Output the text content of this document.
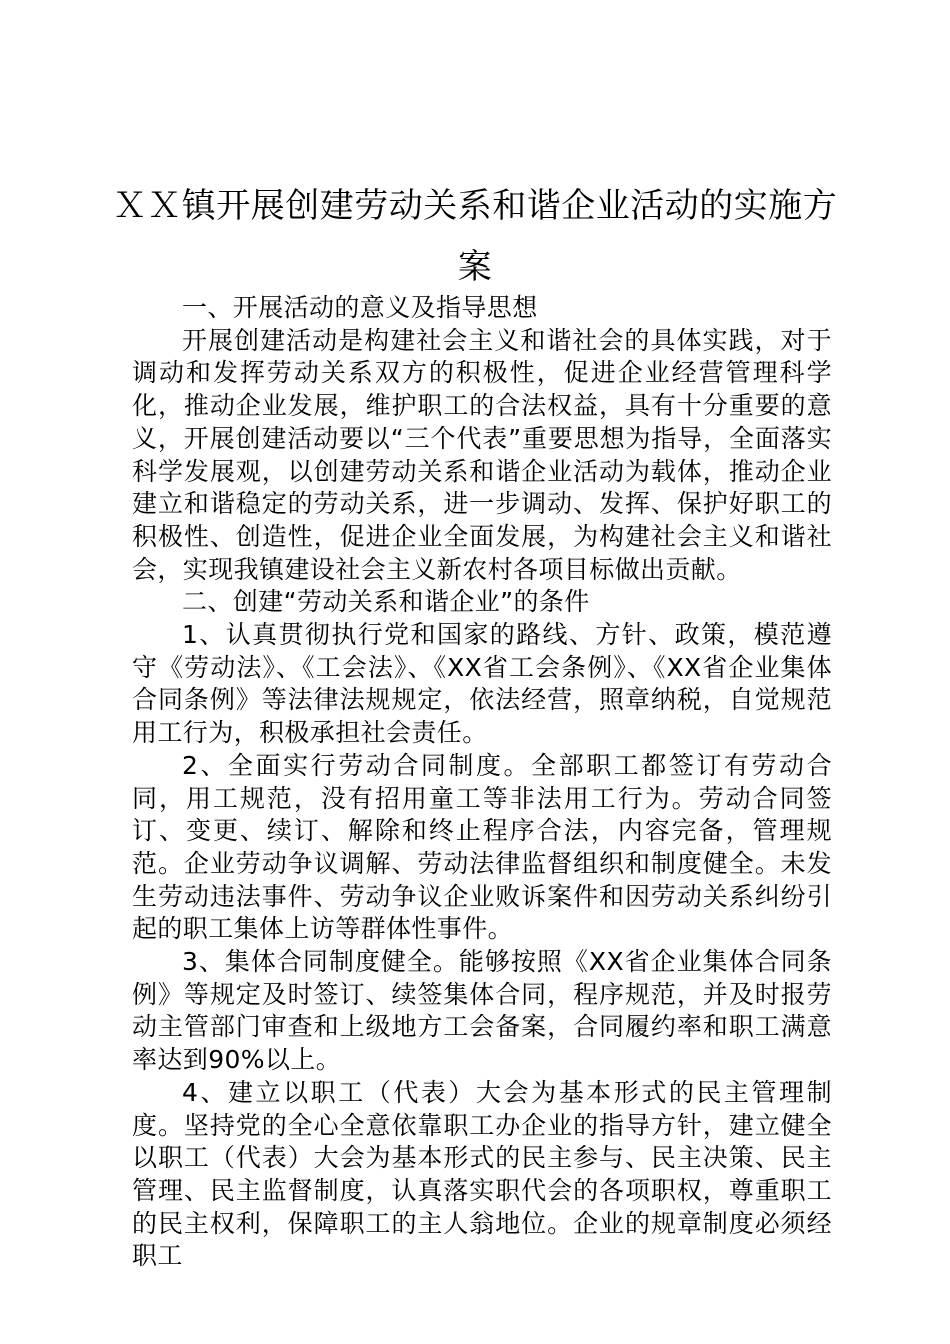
ＸＸ镇开展创建劳动关系和谐企业活动的实施方案

一、开展活动的意义及指导思想

开展创建活动是构建社会主义和谐社会的具体实践，对于调动和发挥劳动关系双方的积极性，促进企业经营管理科学化，推动企业发展，维护职工的合法权益，具有十分重要的意义，开展创建活动要以“三个代表”重要思想为指导，全面落实科学发展观，以创建劳动关系和谐企业活动为载体，推动企业建立和谐稳定的劳动关系，进一步调动、发挥、保护好职工的积极性、创造性，促进企业全面发展，为构建社会主义和谐社会，实现我镇建设社会主义新农村各项目标做出贡献。

二、创建“劳动关系和谐企业”的条件

1、认真贯彻执行党和国家的路线、方针、政策，模范遵守《劳动法》、《工会法》、《XX省工会条例》、《XX省企业集体合同条例》等法律法规规定，依法经营，照章纳税，自觉规范用工行为，积极承担社会责任。

2、全面实行劳动合同制度。全部职工都签订有劳动合同，用工规范，没有招用童工等非法用工行为。劳动合同签订、变更、续订、解除和终止程序合法，内容完备，管理规范。企业劳动争议调解、劳动法律监督组织和制度健全。未发生劳动违法事件、劳动争议企业败诉案件和因劳动关系纠纷引起的职工集体上访等群体性事件。

3、集体合同制度健全。能够按照《XX省企业集体合同条例》等规定及时签订、续签集体合同，程序规范，并及时报劳动主管部门审查和上级地方工会备案，合同履约率和职工满意率达到90%以上。

4、建立以职工（代表）大会为基本形式的民主管理制度。坚持党的全心全意依靠职工办企业的指导方针，建立健全以职工（代表）大会为基本形式的民主参与、民主决策、民主管理、民主监督制度，认真落实职代会的各项职权，尊重职工的民主权利，保障职工的主人翁地位。企业的规章制度必须经职工
